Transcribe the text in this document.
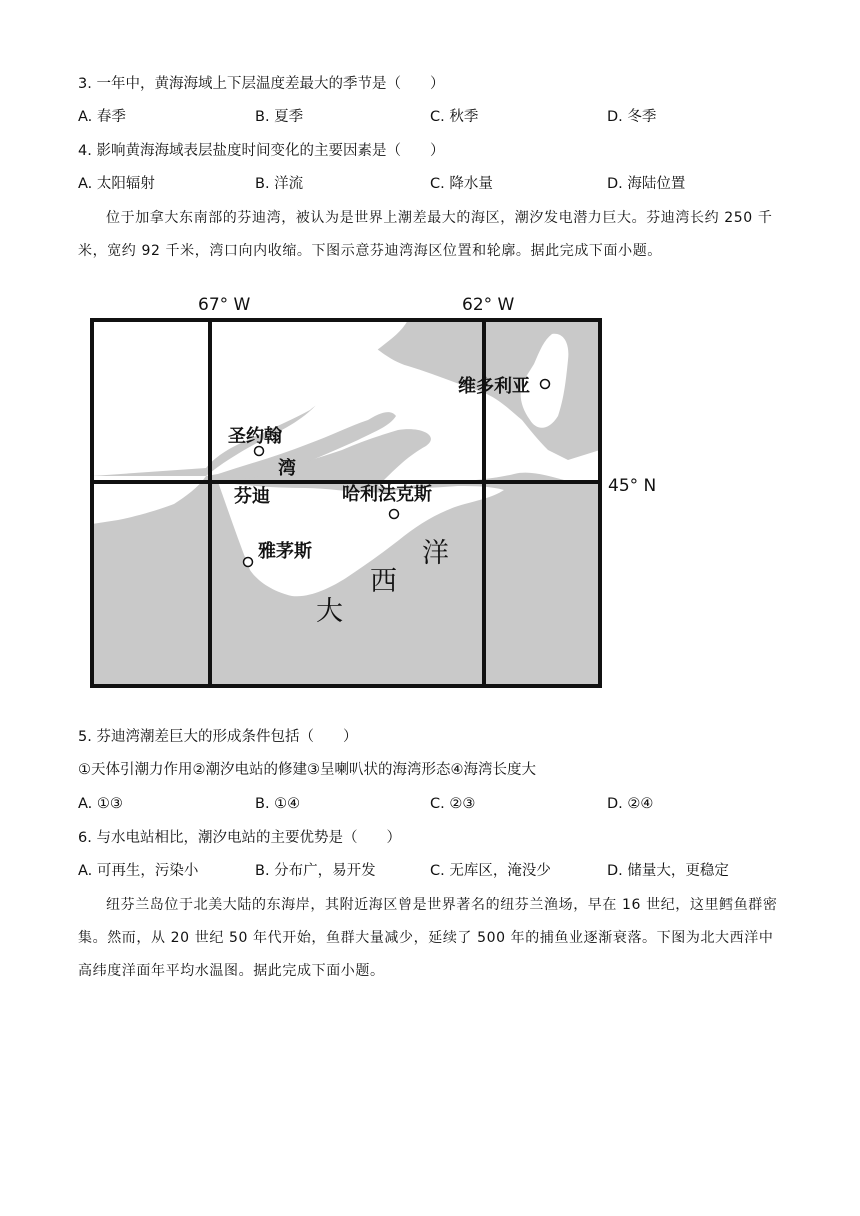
3. 一年中，黄海海域上下层温度差最大的季节是（　　）
A. 春季	B. 夏季	C. 秋季	D. 冬季
4. 影响黄海海域表层盐度时间变化的主要因素是（　　）
A. 太阳辐射	B. 洋流	C. 降水量	D. 海陆位置
位于加拿大东南部的芬迪湾，被认为是世界上潮差最大的海区，潮汐发电潜力巨大。芬迪湾长约 250 千米，宽约 92 千米，湾口向内收缩。下图示意芬迪湾海区位置和轮廓。据此完成下面小题。
67° W	62° W
45° N
维多利亚
圣约翰
湾
芬迪	哈利法克斯
雅茅斯	洋
西
大
5. 芬迪湾潮差巨大的形成条件包括（　　）
①天体引潮力作用②潮汐电站的修建③呈喇叭状的海湾形态④海湾长度大
A. ①③	B. ①④	C. ②③	D. ②④
6. 与水电站相比，潮汐电站的主要优势是（　　）
A. 可再生，污染小	B. 分布广，易开发	C. 无库区，淹没少	D. 储量大，更稳定
纽芬兰岛位于北美大陆的东海岸，其附近海区曾是世界著名的纽芬兰渔场，早在 16 世纪，这里鳕鱼群密集。然而，从 20 世纪 50 年代开始，鱼群大量减少，延续了 500 年的捕鱼业逐渐衰落。下图为北大西洋中高纬度洋面年平均水温图。据此完成下面小题。
